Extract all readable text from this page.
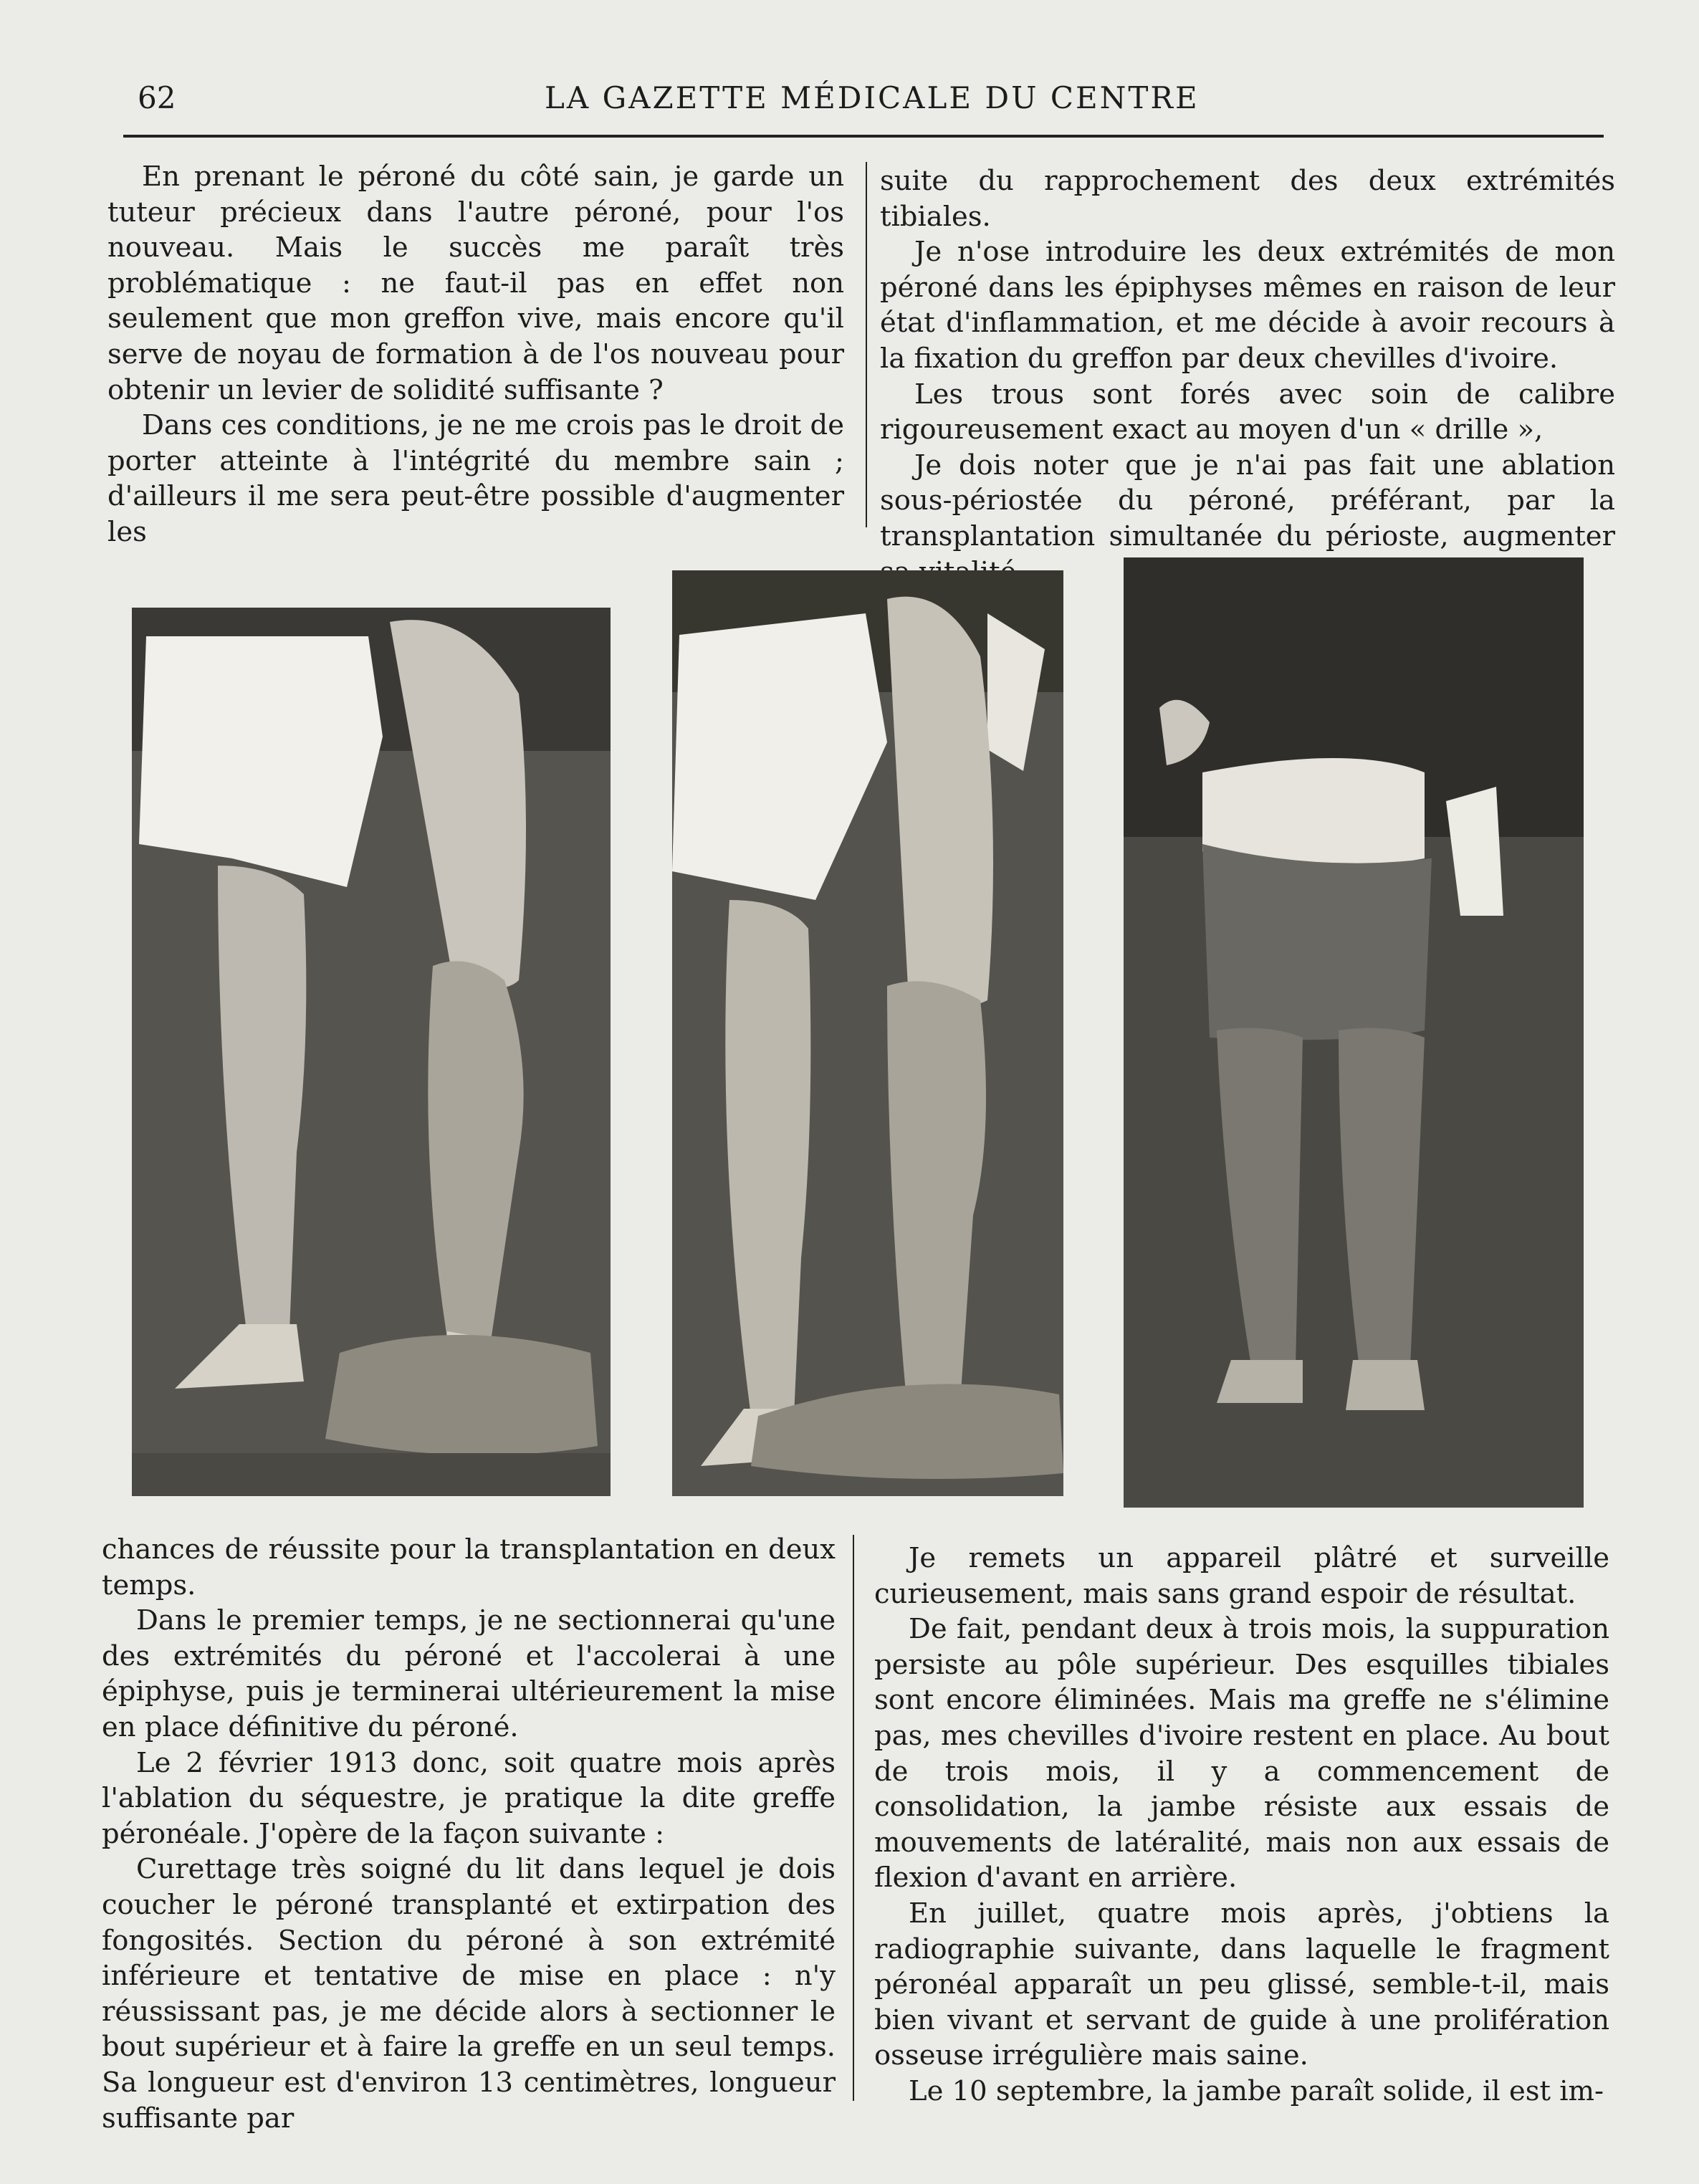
62	LA GAZETTE MÉDICALE DU CENTRE

En prenant le péroné du côté sain, je garde un tuteur précieux dans l'autre péroné, pour l'os nouveau. Mais le succès me paraît très problématique : ne faut-il pas en effet non seulement que mon greffon vive, mais encore qu'il serve de noyau de formation à de l'os nouveau pour obtenir un levier de solidité suffisante ?

Dans ces conditions, je ne me crois pas le droit de porter atteinte à l'intégrité du membre sain ; d'ailleurs il me sera peut-être possible d'augmenter les

suite du rapprochement des deux extrémités tibiales.

Je n'ose introduire les deux extrémités de mon péroné dans les épiphyses mêmes en raison de leur état d'inflammation, et me décide à avoir recours à la fixation du greffon par deux chevilles d'ivoire.

Les trous sont forés avec soin de calibre rigoureusement exact au moyen d'un « drille »,

Je dois noter que je n'ai pas fait une ablation sous-périostée du péroné, préférant, par la transplantation simultanée du périoste, augmenter

chances de réussite pour la transplantation en deux temps.

Dans le premier temps, je ne sectionnerai qu'une des extrémités du péroné et l'accolerai à une épiphyse, puis je terminerai ultérieurement la mise en place définitive du péroné.

Le 2 février 1913 donc, soit quatre mois après l'ablation du séquestre, je pratique la dite greffe péronéale. J'opère de la façon suivante :

Curettage très soigné du lit dans lequel je dois coucher le péroné transplanté et extirpation des fongosités. Section du péroné à son extrémité inférieure et tentative de mise en place : n'y réussissant pas, je me décide alors à sectionner le bout supérieur et à faire la greffe en un seul temps. Sa longueur est d'environ 13 centimètres, longueur suffisante par

Je remets un appareil plâtré et surveille curieusement, mais sans grand espoir de résultat.

De fait, pendant deux à trois mois, la suppuration persiste au pôle supérieur. Des esquilles tibiales sont encore éliminées. Mais ma greffe ne s'élimine pas, mes chevilles d'ivoire restent en place. Au bout de trois mois, il y a commencement de consolidation, la jambe résiste aux essais de mouvements de latéralité, mais non aux essais de flexion d'avant en arrière.

En juillet, quatre mois après, j'obtiens la radiographie suivante, dans laquelle le fragment péronéal apparaît un peu glissé, semble-t-il, mais bien vivant et servant de guide à une prolifération osseuse irrégulière mais saine.

Le 10 septembre, la jambe paraît solide, il est im-
